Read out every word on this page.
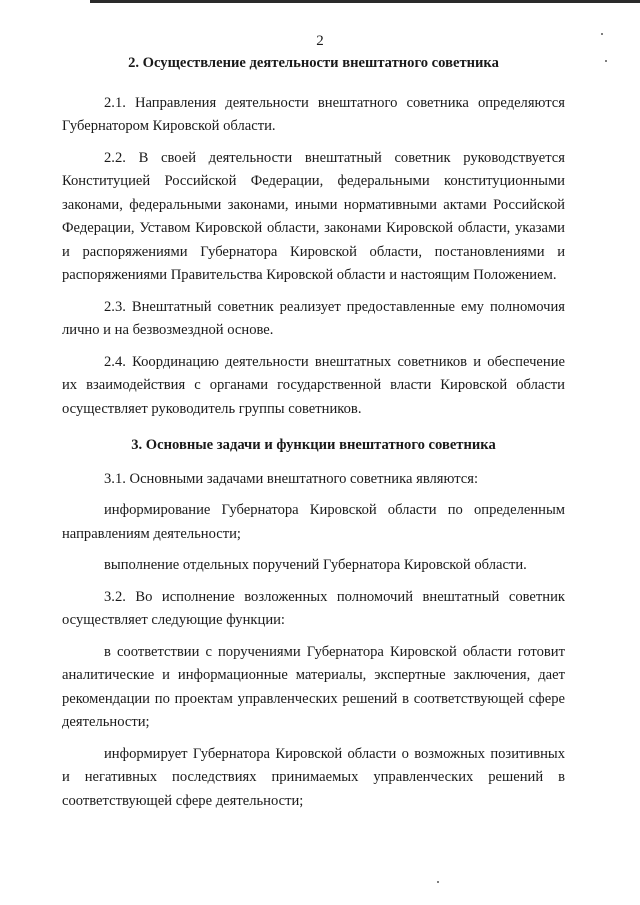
2
2. Осуществление деятельности внештатного советника

2.1. Направления деятельности внештатного советника определяются Губернатором Кировской области.

2.2. В своей деятельности внештатный советник руководствуется Конституцией Российской Федерации, федеральными конституционными законами, федеральными законами, иными нормативными актами Российской Федерации, Уставом Кировской области, законами Кировской области, указами и распоряжениями Губернатора Кировской области, постановлениями и распоряжениями Правительства Кировской области и настоящим Положением.

2.3. Внештатный советник реализует предоставленные ему полномочия лично и на безвозмездной основе.

2.4. Координацию деятельности внештатных советников и обеспечение их взаимодействия с органами государственной власти Кировской области осуществляет руководитель группы советников.

3. Основные задачи и функции внештатного советника

3.1. Основными задачами внештатного советника являются:

информирование Губернатора Кировской области по определенным направлениям деятельности;

выполнение отдельных поручений Губернатора Кировской области.

3.2. Во исполнение возложенных полномочий внештатный советник осуществляет следующие функции:

в соответствии с поручениями Губернатора Кировской области готовит аналитические и информационные материалы, экспертные заключения, дает рекомендации по проектам управленческих решений в соответствующей сфере деятельности;

информирует Губернатора Кировской области о возможных позитивных и негативных последствиях принимаемых управленческих решений в соответствующей сфере деятельности;
